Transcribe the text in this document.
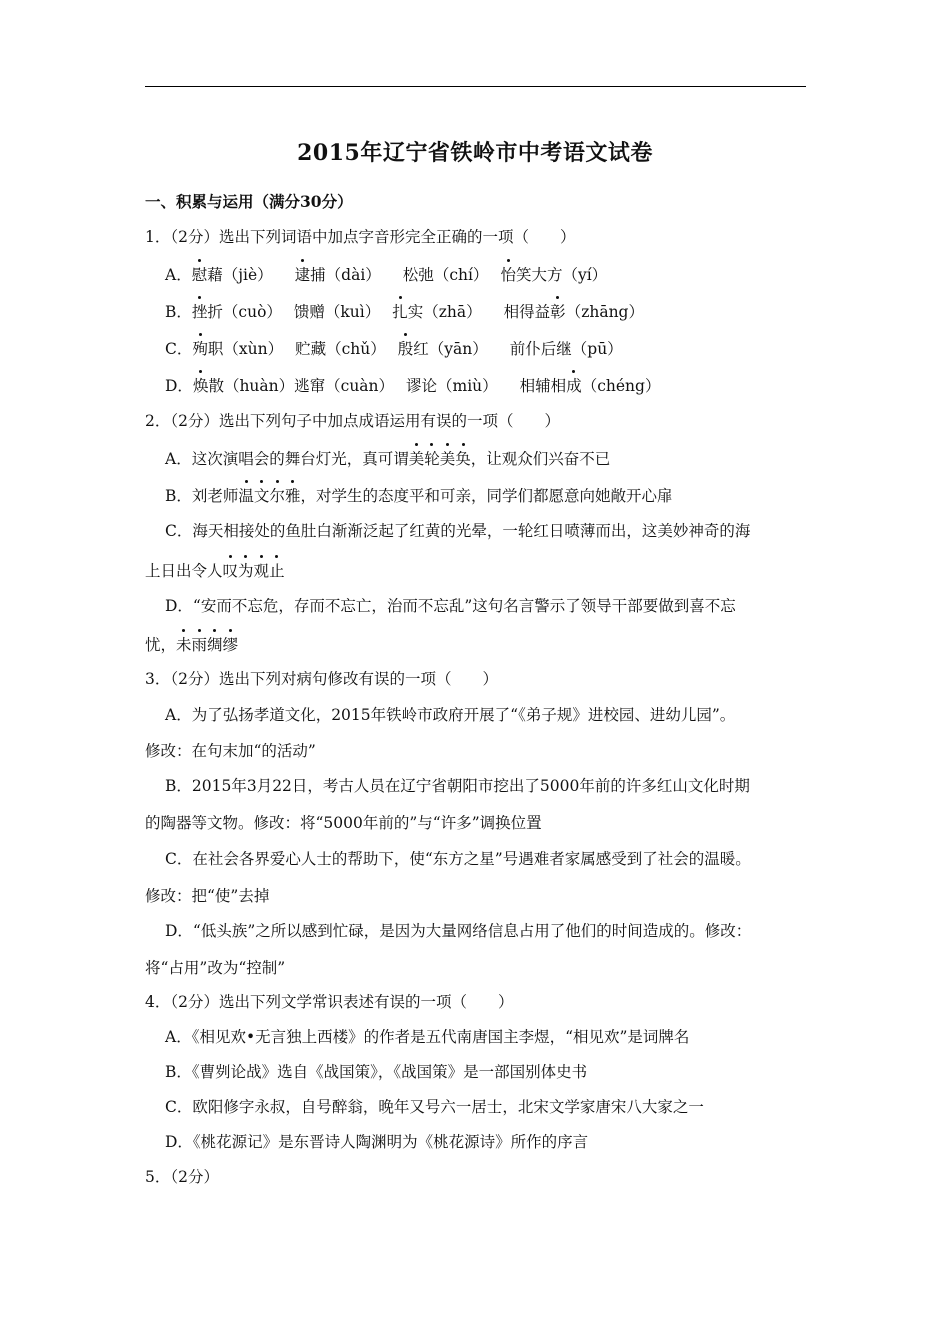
2015年辽宁省铁岭市中考语文试卷
一、积累与运用（满分30分）
1．（2分）选出下列词语中加点字音形完全正确的一项（　　）
A．慰藉（jiè） 逮捕（dài） 松弛（chí） 怡笑大方（yí）
B．挫折（cuò） 馈赠（kuì） 扎实（zhā） 相得益彰（zhāng）
C．殉职（xùn） 贮藏（chǔ） 殷红（yān） 前仆后继（pū）
D．焕散（huàn）逃窜（cuàn） 谬论（miù） 相辅相成（chéng）
2．（2分）选出下列句子中加点成语运用有误的一项（　　）
A．这次演唱会的舞台灯光，真可谓美轮美奂，让观众们兴奋不已
B．刘老师温文尔雅，对学生的态度平和可亲，同学们都愿意向她敞开心扉
C．海天相接处的鱼肚白渐渐泛起了红黄的光晕，一轮红日喷薄而出，这美妙神奇的海
上日出令人叹为观止
D．“安而不忘危，存而不忘亡，治而不忘乱”这句名言警示了领导干部要做到喜不忘
忧，未雨绸缪
3．（2分）选出下列对病句修改有误的一项（　　）
A．为了弘扬孝道文化，2015年铁岭市政府开展了“《弟子规》进校园、进幼儿园”。
修改：在句末加“的活动”
B．2015年3月22日，考古人员在辽宁省朝阳市挖出了5000年前的许多红山文化时期
的陶器等文物。修改：将“5000年前的”与“许多”调换位置
C．在社会各界爱心人士的帮助下，使“东方之星”号遇难者家属感受到了社会的温暖。
修改：把“使”去掉
D．“低头族”之所以感到忙碌，是因为大量网络信息占用了他们的时间造成的。修改：
将“占用”改为“控制”
4．（2分）选出下列文学常识表述有误的一项（　　）
A．《相见欢•无言独上西楼》的作者是五代南唐国主李煜，“相见欢”是词牌名
B．《曹刿论战》选自《战国策》，《战国策》是一部国别体史书
C．欧阳修字永叔，自号醉翁，晚年又号六一居士，北宋文学家唐宋八大家之一
D．《桃花源记》是东晋诗人陶渊明为《桃花源诗》所作的序言
5．（2分）
